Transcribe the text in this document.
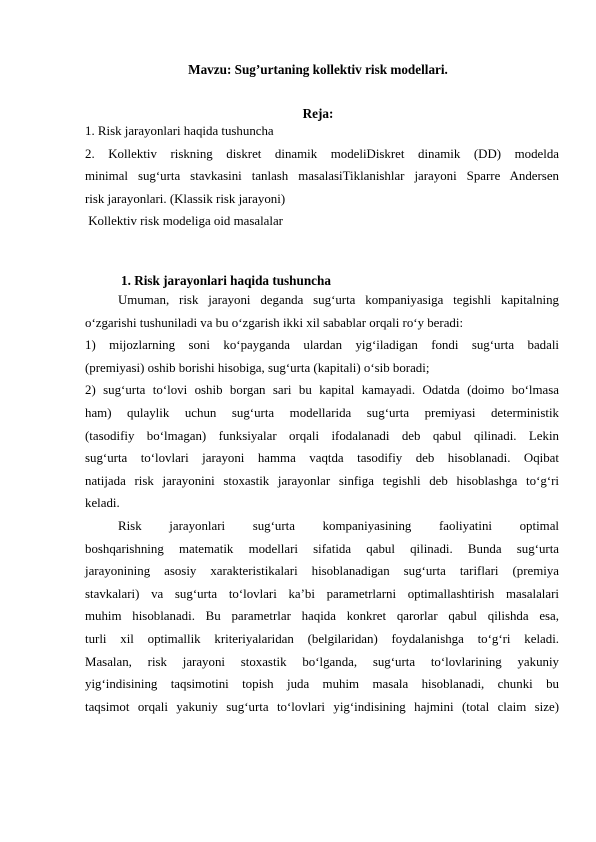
Mavzu: Sug’urtaning kollektiv risk modellari.
Reja:
1. Risk jarayonlari haqida tushuncha
2. Kollektiv riskning diskret dinamik modeliDiskret dinamik (DD) modelda
minimal sug‘urta stavkasini tanlash masalasiTiklanishlar jarayoni Sparre Andersen
risk jarayonlari. (Klassik risk jarayoni)
Kollektiv risk modeliga oid masalalar
1. Risk jarayonlari haqida tushuncha
Umuman, risk jarayoni deganda sug‘urta kompaniyasiga tegishli kapitalning
o‘zgarishi tushuniladi va bu o‘zgarish ikki xil sabablar orqali ro‘y beradi:
1) mijozlarning soni ko‘payganda ulardan yig‘iladigan fondi sug‘urta badali
(premiyasi) oshib borishi hisobiga, sug‘urta (kapitali) o‘sib boradi;
2) sug‘urta to‘lovi oshib borgan sari bu kapital kamayadi. Odatda (doimo bo‘lmasa
ham) qulaylik uchun sug‘urta modellarida sug‘urta premiyasi deterministik
(tasodifiy bo‘lmagan) funksiyalar orqali ifodalanadi deb qabul qilinadi. Lekin
sug‘urta to‘lovlari jarayoni hamma vaqtda tasodifiy deb hisoblanadi. Oqibat
natijada risk jarayonini stoxastik jarayonlar sinfiga tegishli deb hisoblashga to‘g‘ri
keladi.
Risk jarayonlari sug‘urta kompaniyasining faoliyatini optimal
boshqarishning matematik modellari sifatida qabul qilinadi. Bunda sug‘urta
jarayonining asosiy xarakteristikalari hisoblanadigan sug‘urta tariflari (premiya
stavkalari) va sug‘urta to‘lovlari ka’bi parametrlarni optimallashtirish masalalari
muhim hisoblanadi. Bu parametrlar haqida konkret qarorlar qabul qilishda esa,
turli xil optimallik kriteriyalaridan (belgilaridan) foydalanishga to‘g‘ri keladi.
Masalan, risk jarayoni stoxastik bo‘lganda, sug‘urta to‘lovlarining yakuniy
yig‘indisining taqsimotini topish juda muhim masala hisoblanadi, chunki bu
taqsimot orqali yakuniy sug‘urta to‘lovlari yig‘indisining hajmini (total claim size)
